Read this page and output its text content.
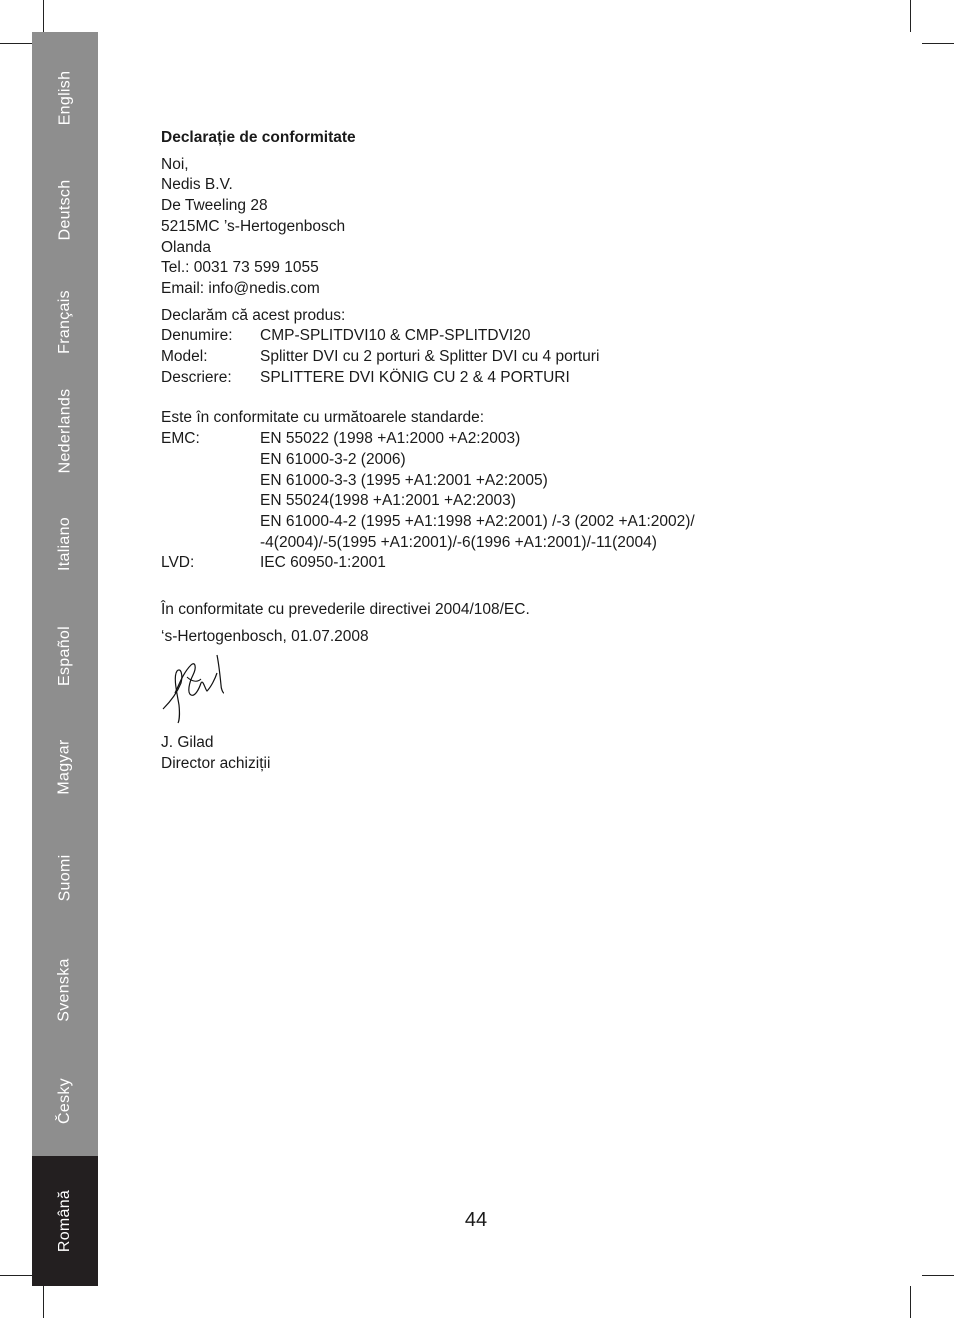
English
Deutsch
Français
Nederlands
Italiano
Español
Magyar
Suomi
Svenska
Česky
Română

Declarație de conformitate

Noi,

Nedis B.V.

De Tweeling 28

5215MC ’s-Hertogenbosch

Olanda

Tel.: 0031 73 599 1055

Email: info@nedis.com

Declarăm că acest produs:

Denumire:	CMP-SPLITDVI10 & CMP-SPLITDVI20
Model:	Splitter DVI cu 2 porturi & Splitter DVI cu 4 porturi
Descriere:	SPLITTERE DVI KÖNIG CU 2 & 4 PORTURI

Este în conformitate cu următoarele standarde:

EMC:	EN 55022 (1998 +A1:2000 +A2:2003)
EN 61000-3-2 (2006)
EN 61000-3-3 (1995 +A1:2001 +A2:2005)
EN 55024(1998 +A1:2001 +A2:2003)
EN 61000-4-2 (1995 +A1:1998 +A2:2001) /-3 (2002 +A1:2002)/
-4(2004)/-5(1995 +A1:2001)/-6(1996 +A1:2001)/-11(2004)
LVD:	IEC 60950-1:2001

În conformitate cu prevederile directivei 2004/108/EC.

‘s-Hertogenbosch, 01.07.2008

J. Gilad

Director achiziții

44
